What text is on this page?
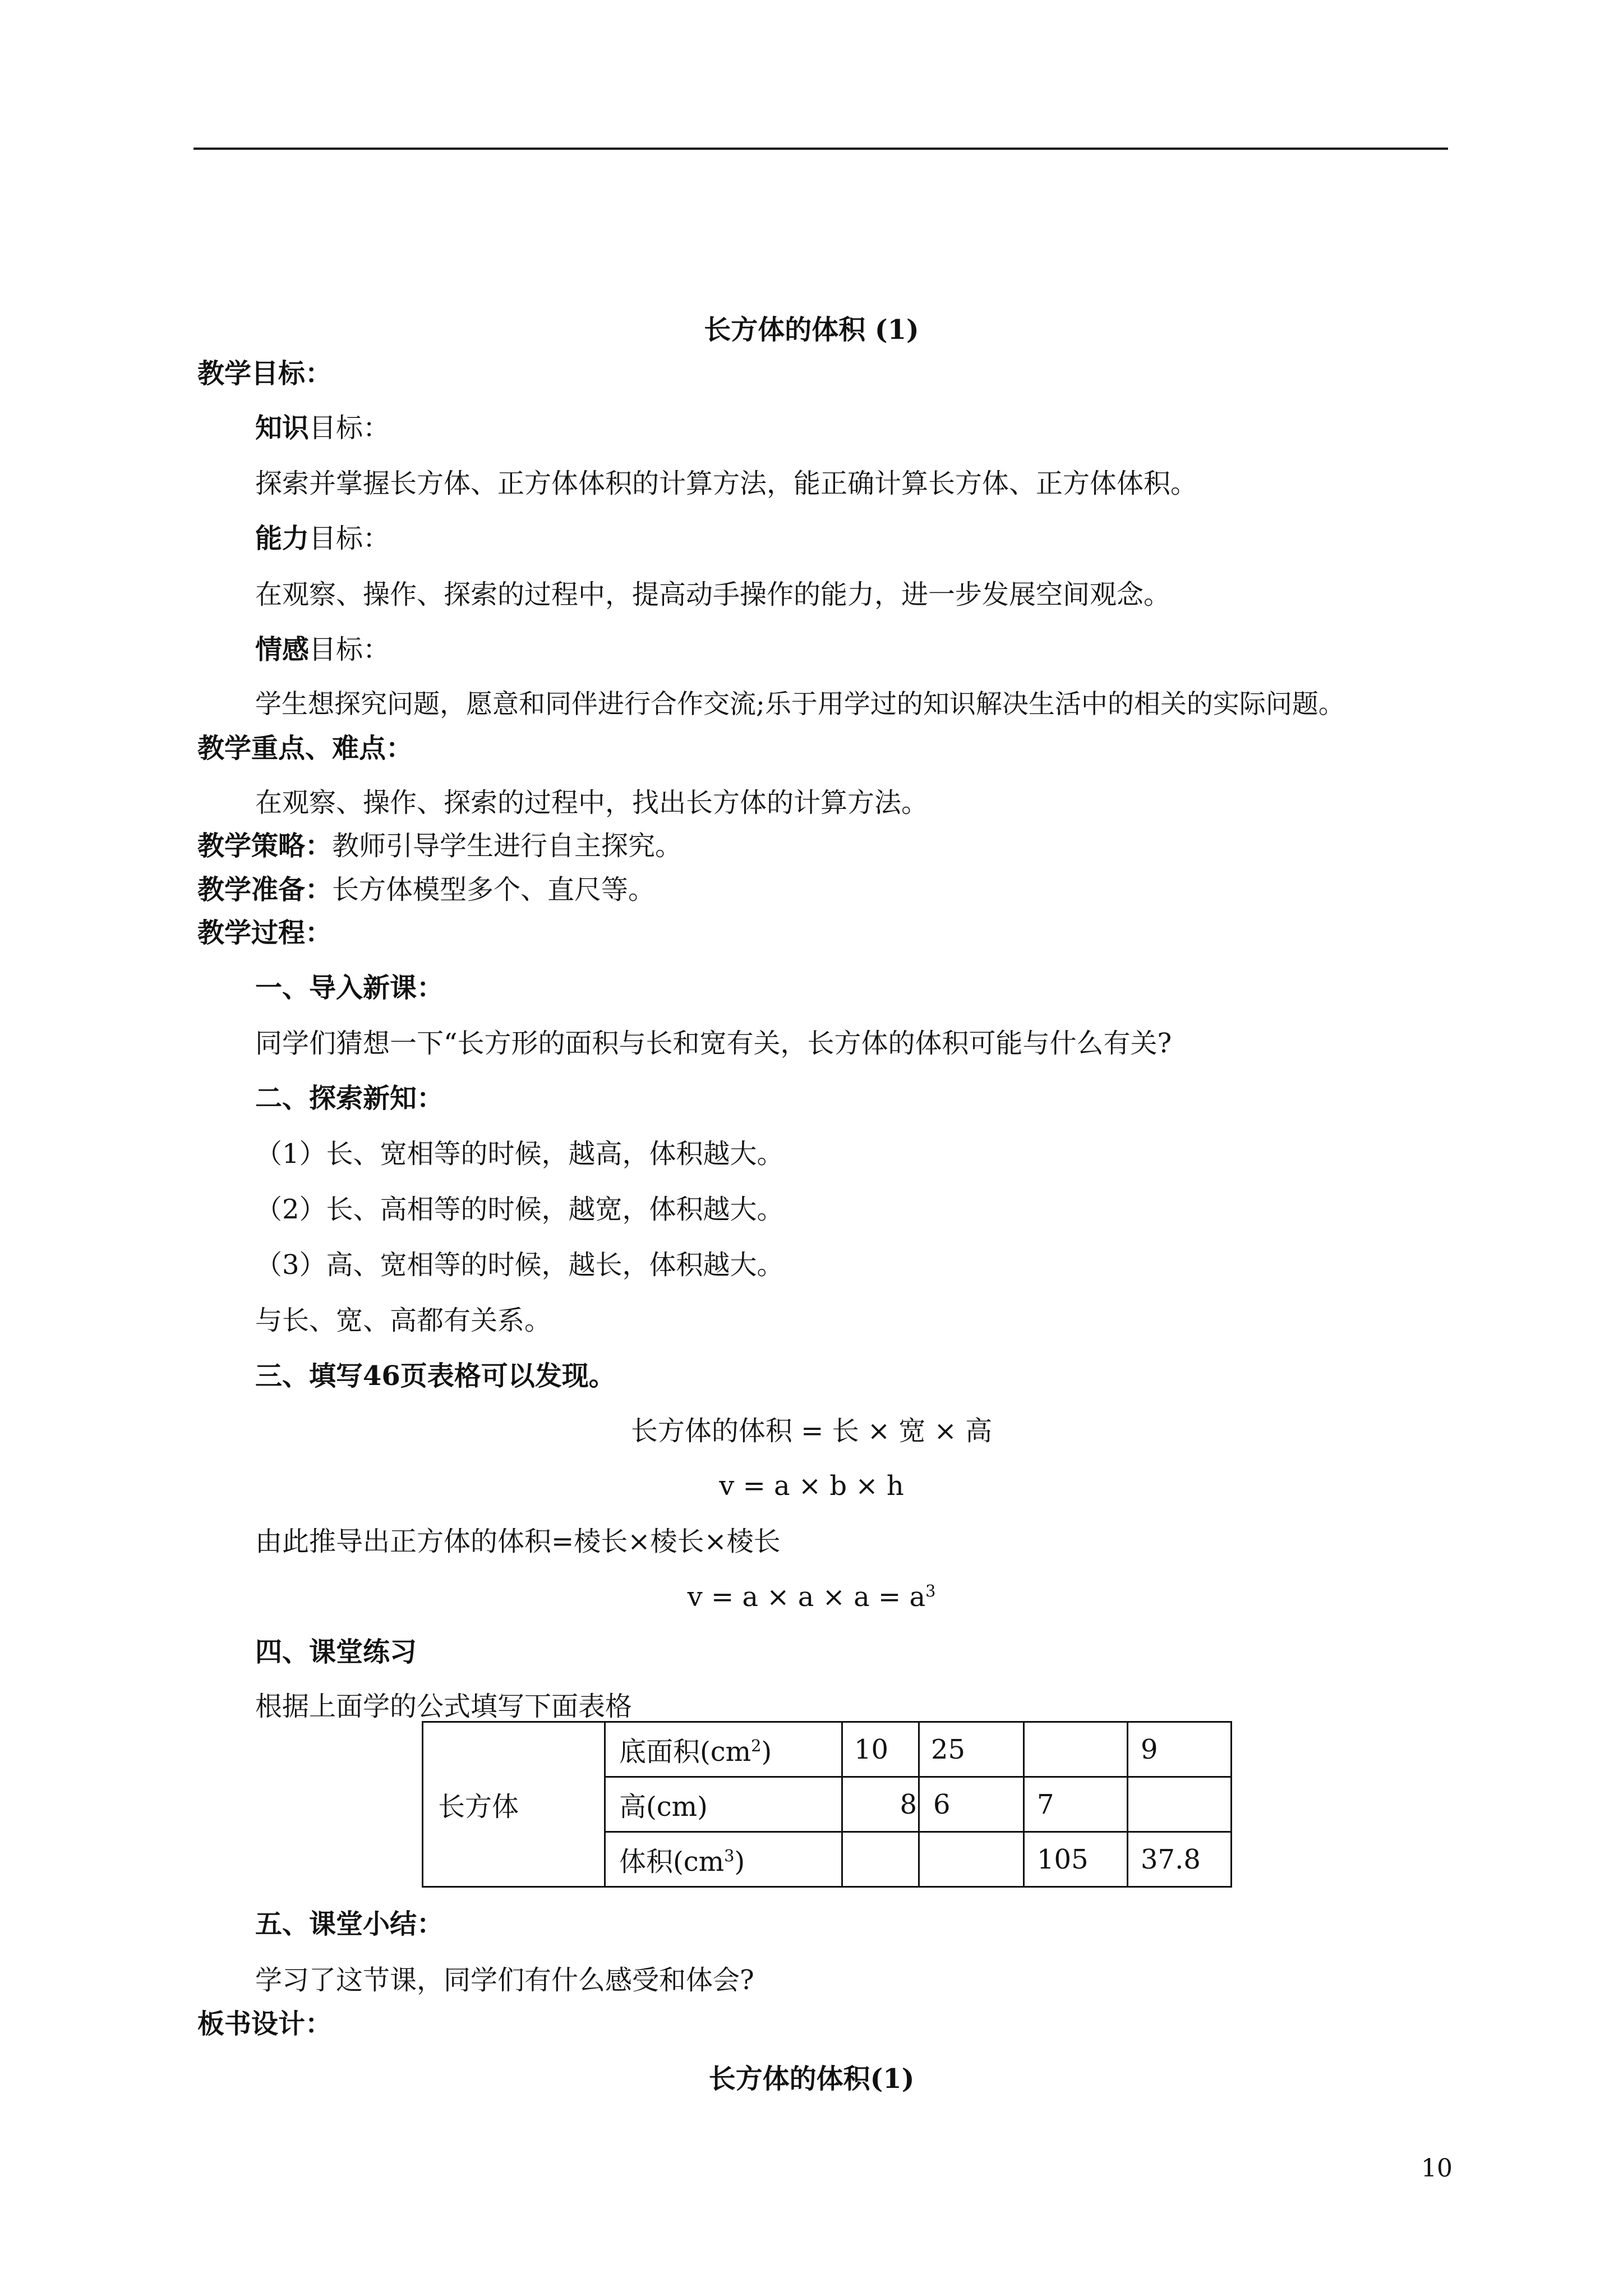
长方体的体积 (1)
教学目标：
知识目标：
探索并掌握长方体、正方体体积的计算方法，能正确计算长方体、正方体体积。
能力目标：
在观察、操作、探索的过程中，提高动手操作的能力，进一步发展空间观念。
情感目标：
学生想探究问题，愿意和同伴进行合作交流;乐于用学过的知识解决生活中的相关的实际问题。
教学重点、难点：
在观察、操作、探索的过程中，找出长方体的计算方法。
教学策略：教师引导学生进行自主探究。
教学准备：长方体模型多个、直尺等。
教学过程：
一、导入新课：
同学们猜想一下“长方形的面积与长和宽有关，长方体的体积可能与什么有关?
二、探索新知：
（1）长、宽相等的时候，越高，体积越大。
（2）长、高相等的时候，越宽，体积越大。
（3）高、宽相等的时候，越长，体积越大。
与长、宽、高都有关系。
三、填写46页表格可以发现。
长方体的体积 = 长 × 宽 × 高
v = a × b × h
由此推导出正方体的体积=棱长×棱长×棱长
$v = a \times a \times a = a^3$
四、课堂练习
根据上面学的公式填写下面表格
长方体	底面积$(cm^2)$	10	25		9
	高(cm)	8	6	7	
	体积$(cm^3)$			105	37.8
五、课堂小结：
学习了这节课，同学们有什么感受和体会?
板书设计：
长方体的体积(1)
10
